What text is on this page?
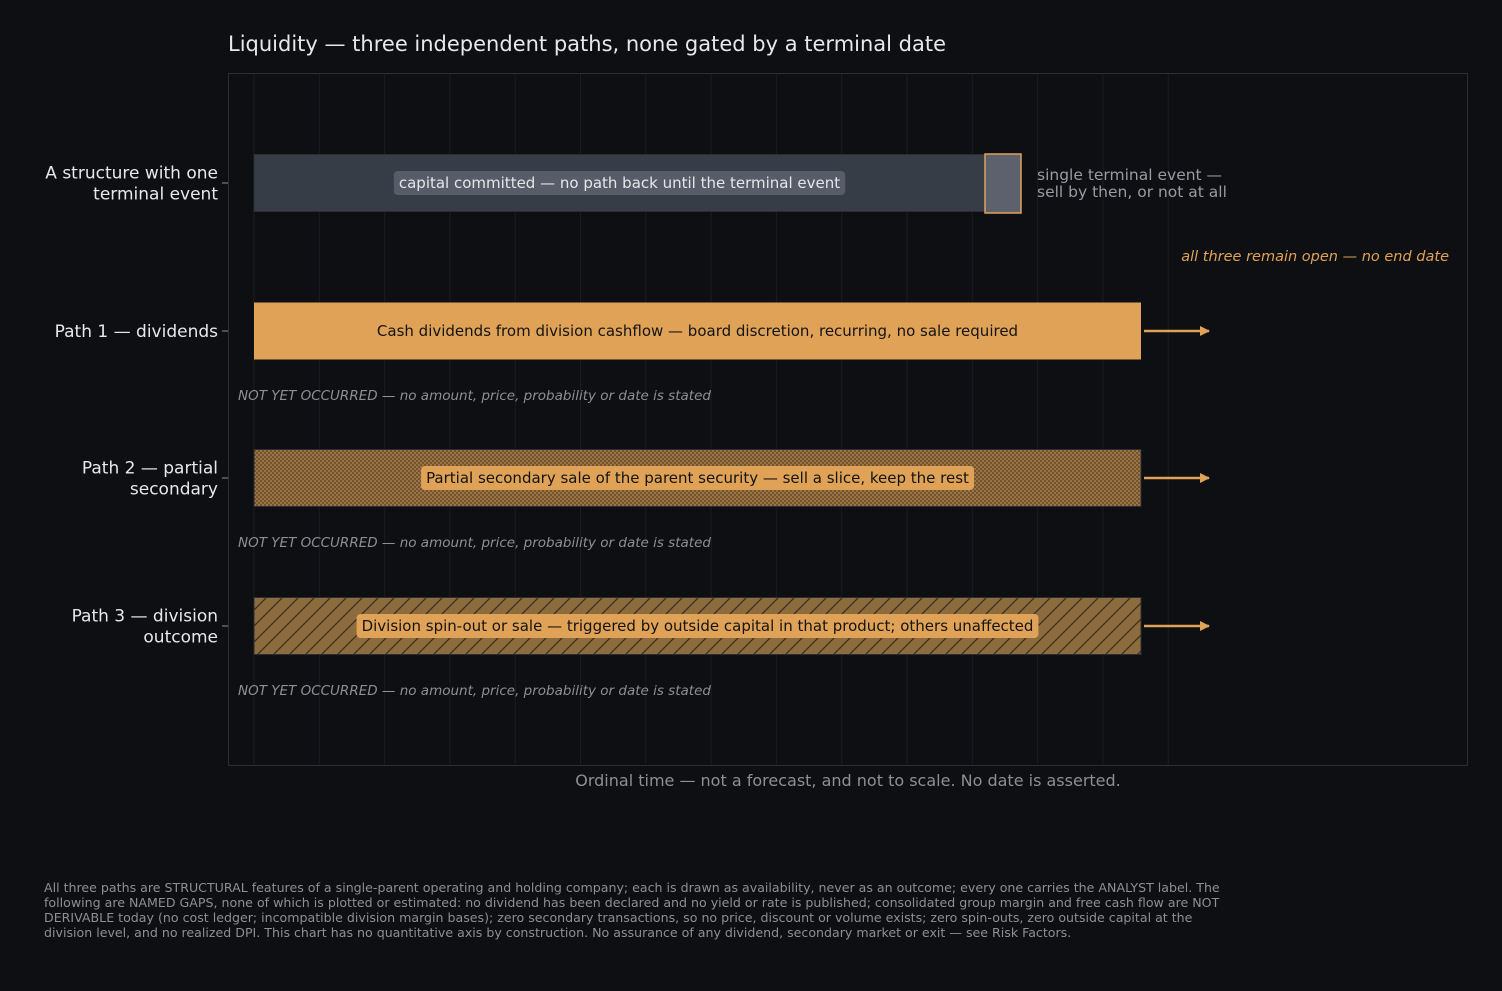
Liquidity — three independent paths, none gated by a terminal date
A structure with one terminal event
capital committed — no path back until the terminal event	single terminal event — sell by then, or not at all
Path 1 — dividends	Cash dividends from division cashflow — board discretion, recurring, no sale required
NOT YET OCCURRED — no amount, price, probability or date is stated
Path 2 — partial secondary
Partial secondary sale of the parent security — sell a slice, keep the rest
NOT YET OCCURRED — no amount, price, probability or date is stated
Path 3 — division outcome
Division spin-out or sale — triggered by outside capital in that product; others unaffected
NOT YET OCCURRED — no amount, price, probability or date is stated
all three remain open — no end date
Ordinal time — not a forecast, and not to scale. No date is asserted.

All three paths are STRUCTURAL features of a single-parent operating and holding company; each is drawn as availability, never as an outcome; every one carries the ANALYST label. The following are NAMED GAPS, none of which is plotted or estimated: no dividend has been declared and no yield or rate is published; consolidated group margin and free cash flow are NOT DERIVABLE today (no cost ledger; incompatible division margin bases); zero secondary transactions, so no price, discount or volume exists; zero spin-outs, zero outside capital at the division level, and no realized DPI. This chart has no quantitative axis by construction. No assurance of any dividend, secondary market or exit — see Risk Factors.
